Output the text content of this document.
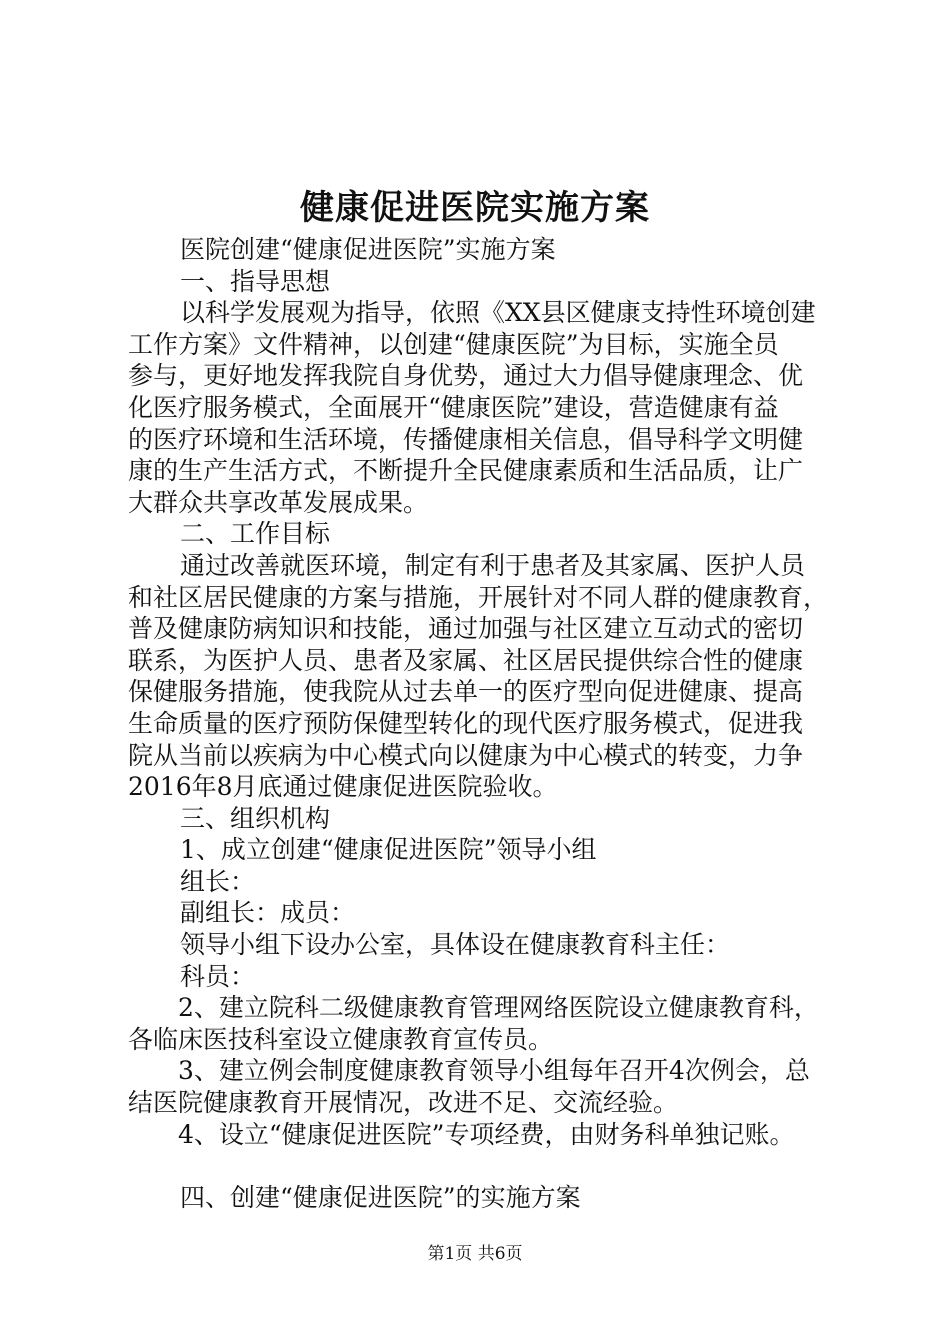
健康促进医院实施方案

医院创建“健康促进医院”实施方案

一、指导思想

以科学发展观为指导，依照《XX县区健康支持性环境创建

工作方案》文件精神，以创建“健康医院”为目标，实施全员

参与，更好地发挥我院自身优势，通过大力倡导健康理念、优

化医疗服务模式，全面展开“健康医院”建设，营造健康有益

的医疗环境和生活环境，传播健康相关信息，倡导科学文明健

康的生产生活方式，不断提升全民健康素质和生活品质，让广

大群众共享改革发展成果。

二、工作目标

通过改善就医环境，制定有利于患者及其家属、医护人员

和社区居民健康的方案与措施，开展针对不同人群的健康教育，

普及健康防病知识和技能，通过加强与社区建立互动式的密切

联系，为医护人员、患者及家属、社区居民提供综合性的健康

保健服务措施，使我院从过去单一的医疗型向促进健康、提高

生命质量的医疗预防保健型转化的现代医疗服务模式，促进我

院从当前以疾病为中心模式向以健康为中心模式的转变，力争

2016年8月底通过健康促进医院验收。

三、组织机构

1、成立创建“健康促进医院”领导小组

组长：

副组长：成员：

领导小组下设办公室，具体设在健康教育科主任：

科员：

2、建立院科二级健康教育管理网络医院设立健康教育科，

各临床医技科室设立健康教育宣传员。

3、建立例会制度健康教育领导小组每年召开4次例会，总

结医院健康教育开展情况，改进不足、交流经验。

4、设立“健康促进医院”专项经费，由财务科单独记账。

四、创建“健康促进医院”的实施方案

第1页 共6页
